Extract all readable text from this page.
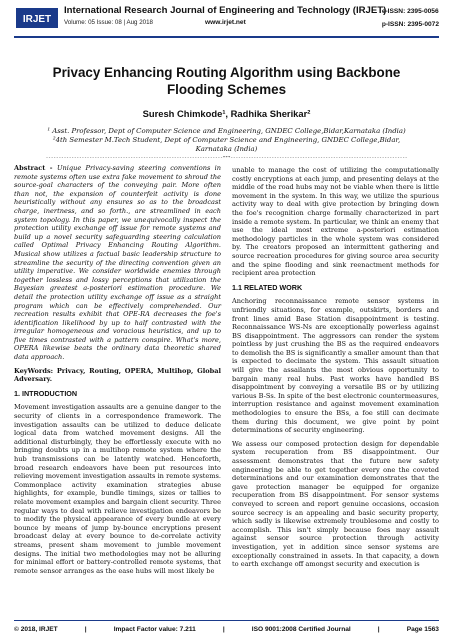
IRJET
International Research Journal of Engineering and Technology (IRJET)
Volume: 05 Issue: 08 | Aug 2018	www.irjet.net
e-ISSN: 2395-0056
p-ISSN: 2395-0072
Privacy Enhancing Routing Algorithm using Backbone Flooding Schemes
Suresh Chimkode¹, Radhika Sherikar²
¹ Asst. Professor, Dept of Computer Science and Engineering, GNDEC College,Bidar,Karnataka (India)
²4th Semester M.Tech Student, Dept of Computer Science and Engineering, GNDEC College,Bidar,
Karnataka (India)
---------------------------------------------------------------------***---------------------------------------------------------------------

Abstract - Unique Privacy-saving steering conventions in remote systems often use extra fake movement to shroud the source-goal characters of the conveying pair. More often than not, the expansion of counterfeit activity is done heuristically without any ensures so as to the broadcast charge, inertness, and so forth., are streamlined in each system topology. In this paper, we unequivocally inspect the protection utility exchange off issue for remote systems and build up a novel security safeguarding steering calculation called Optimal Privacy Enhancing Routing Algorithm. Musical show utilizes a factual basic leadership structure to streamline the security of the directing convention given an utility imperative. We consider worldwide enemies through together lossless and lossy perceptions that utilization the Bayesian greatest a-posteriori estimation procedure. We detail the protection utility exchange off issue as a straight program which can be effectively comprehended. Our recreation results exhibit that OPE-RA decreases the foe's identification likelihood by up to half contrasted with the irregular homogeneous and voracious heuristics, and up to five times contrasted with a pattern conspire. What's more, OPERA likewise beats the ordinary data theoretic shared data approach.

KeyWords: Privacy, Routing, OPERA, Multihop, Global Adversary.

1. INTRODUCTION

Movement investigation assaults are a genuine danger to the security of clients in a correspondence framework. The investigation assaults can be utilized to deduce delicate logical data from watched movement designs. All the additional disturbingly, they be effortlessly execute with no bringing doubts up in a multihop remote system where the hub transmissions can be latently watched. Henceforth, broad research endeavors have been put resources into relieving movement investigation assaults in remote systems. Commonplace activity examination strategies abuse highlights, for example, bundle timings, sizes or tallies to relate movement examples and bargain client security. Three regular ways to deal with relieve investigation endeavors be to modify the physical appearance of every bundle at every bounce by means of jump by-bounce encryptions present broadcast delay at every bounce to de-correlate activity streams, present sham movement to jumble movement designs. The initial two methodologies may not be alluring for minimal effort or battery-controlled remote systems, that remote sensor arranges as the ease hubs will most likely be

unable to manage the cost of utilizing the computationally costly encryptions at each jump, and presenting delays at the middle of the road hubs may not be viable when there is little movement in the system. In this way, we utilize the spurious activity way to deal with give protection by bringing down the foe's recognition charge formally characterized in part inside a remote system. In particular, we think an enemy that use the ideal most extreme a-posteriori estimation methodology particles in the whole system was considered by. The creators proposed an intermittent gathering and source recreation procedures for giving source area security and the spine flooding and sink reenactment methods for recipient area protection

1.1 RELATED WORK

Anchoring reconnaissance remote sensor systems in unfriendly situations, for example, outskirts, borders and front lines amid Base Station disappointment is testing. Reconnaissance WS-Ns are exceptionally powerless against BS disappointment. The aggressors can render the system pointless by just crushing the BS as the required endeavors to demolish the BS is significantly a smaller amount than that is expected to decimate the system. This assault situation will give the assailants the most obvious opportunity to bargain many real hubs. Past works have handled BS disappointment by conveying a versatile BS or by utilizing various B-Ss. In spite of the best electronic countermeasures, interruption resistance and against movement examination methodologies to ensure the BSs, a foe still can decimate them during this document, we give point by point determinations of security engineering.

We assess our composed protection design for dependable system recuperation from BS disappointment. Our assessment demonstrates that the future new safety engineering be able to get together every one the coveted determinations and our examination demonstrates that the gave protection manager be equipped for organize recuperation from BS disappointment. For sensor systems conveyed to screen and report genuine occasions, occasion source secrecy is an appealing and basic security property, which sadly is likewise extremely troublesome and costly to accomplish. This isn't simply because foes may assault against sensor source protection through activity investigation, yet in addition since sensor systems are exceptionally constrained in assets. In that capacity, a down to earth exchange off amongst security and execution is

© 2018, IRJET	|	Impact Factor value: 7.211	|	ISO 9001:2008 Certified Journal	|	Page 1563
